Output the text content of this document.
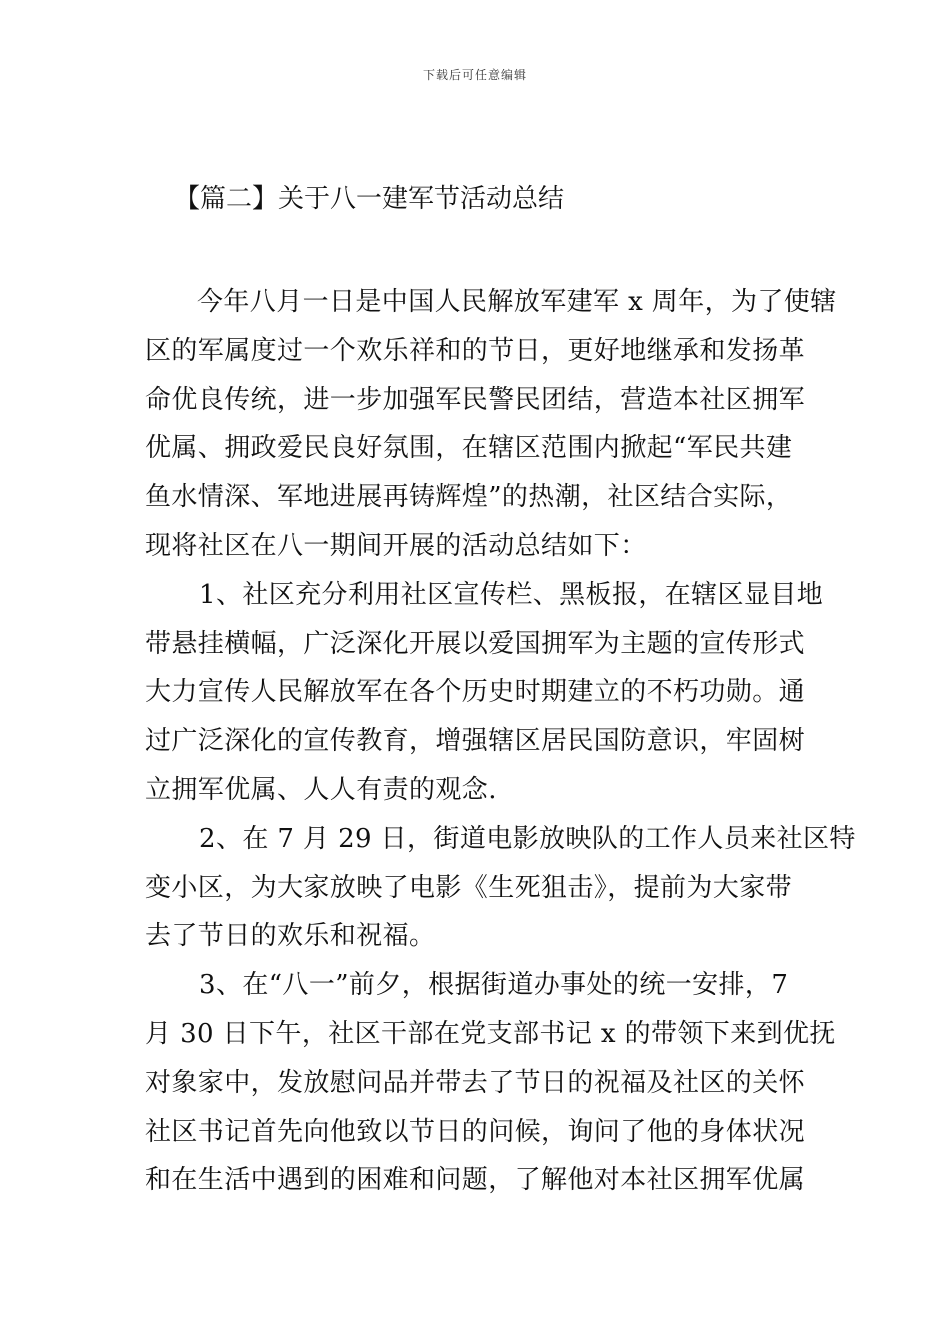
下载后可任意编辑
【篇二】关于八一建军节活动总结
今年八月一日是中国人民解放军建军 x 周年，为了使辖
区的军属度过一个欢乐祥和的节日，更好地继承和发扬革
命优良传统，进一步加强军民警民团结，营造本社区拥军
优属、拥政爱民良好氛围，在辖区范围内掀起“军民共建
鱼水情深、军地进展再铸辉煌”的热潮，社区结合实际，
现将社区在八一期间开展的活动总结如下：
1、社区充分利用社区宣传栏、黑板报，在辖区显目地
带悬挂横幅，广泛深化开展以爱国拥军为主题的宣传形式
大力宣传人民解放军在各个历史时期建立的不朽功勋。通
过广泛深化的宣传教育，增强辖区居民国防意识，牢固树
立拥军优属、人人有责的观念.
2、在 7 月 29 日，街道电影放映队的工作人员来社区特
变小区，为大家放映了电影《生死狙击》，提前为大家带
去了节日的欢乐和祝福。
3、在“八一”前夕，根据街道办事处的统一安排，7
月 30 日下午，社区干部在党支部书记 x 的带领下来到优抚
对象家中，发放慰问品并带去了节日的祝福及社区的关怀
社区书记首先向他致以节日的问候，询问了他的身体状况
和在生活中遇到的困难和问题，了解他对本社区拥军优属
